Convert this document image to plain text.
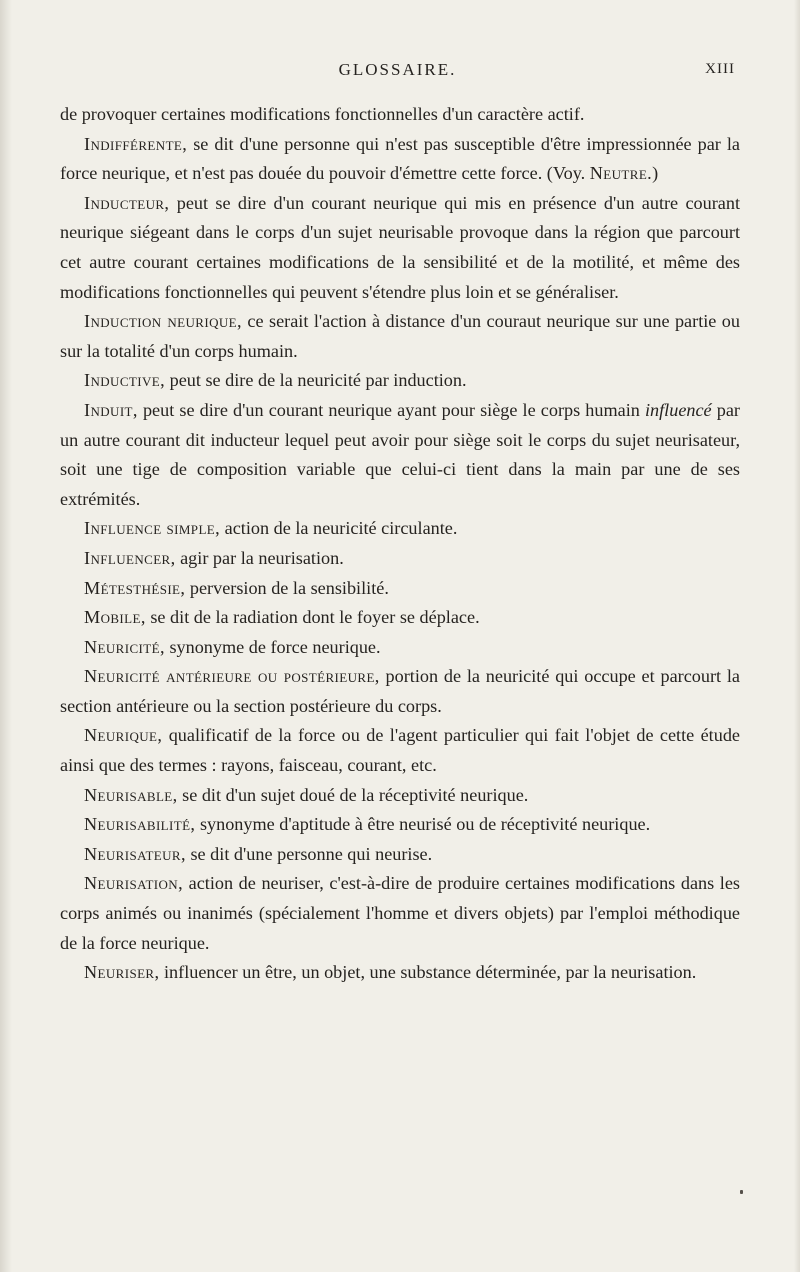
GLOSSAIRE.	XIII

de provoquer certaines modifications fonctionnelles d'un caractère actif.

Indifférente, se dit d'une personne qui n'est pas susceptible d'être impressionnée par la force neurique, et n'est pas douée du pouvoir d'émettre cette force. (Voy. Neutre.)

Inducteur, peut se dire d'un courant neurique qui mis en présence d'un autre courant neurique siégeant dans le corps d'un sujet neurisable provoque dans la région que parcourt cet autre courant certaines modifications de la sensibilité et de la motilité, et même des modifications fonctionnelles qui peuvent s'étendre plus loin et se généraliser.

Induction neurique, ce serait l'action à distance d'un couraut neurique sur une partie ou sur la totalité d'un corps humain.

Inductive, peut se dire de la neuricité par induction.

Induit, peut se dire d'un courant neurique ayant pour siège le corps humain influencé par un autre courant dit inducteur lequel peut avoir pour siège soit le corps du sujet neurisateur, soit une tige de composition variable que celui-ci tient dans la main par une de ses extrémités.

Influence simple, action de la neuricité circulante.

Influencer, agir par la neurisation.

Métesthésie, perversion de la sensibilité.

Mobile, se dit de la radiation dont le foyer se déplace.

Neuricité, synonyme de force neurique.

Neuricité antérieure ou postérieure, portion de la neuricité qui occupe et parcourt la section antérieure ou la section postérieure du corps.

Neurique, qualificatif de la force ou de l'agent particulier qui fait l'objet de cette étude ainsi que des termes : rayons, faisceau, courant, etc.

Neurisable, se dit d'un sujet doué de la réceptivité neurique.

Neurisabilité, synonyme d'aptitude à être neurisé ou de réceptivité neurique.

Neurisateur, se dit d'une personne qui neurise.

Neurisation, action de neuriser, c'est-à-dire de produire certaines modifications dans les corps animés ou inanimés (spécialement l'homme et divers objets) par l'emploi méthodique de la force neurique.

Neuriser, influencer un être, un objet, une substance déterminée, par la neurisation.
